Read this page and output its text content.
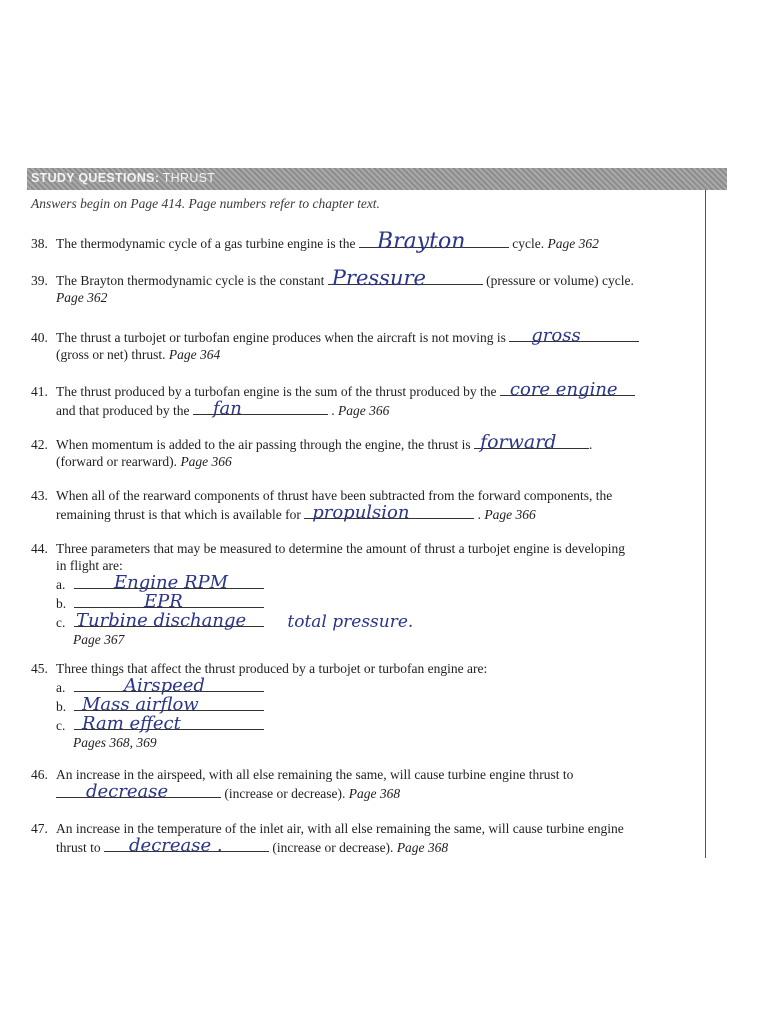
STUDY QUESTIONS: THRUST
Answers begin on Page 414. Page numbers refer to chapter text.
38. The thermodynamic cycle of a gas turbine engine is the Brayton	cycle. Page 362
39. The Brayton thermodynamic cycle is the constant Pressure	(pressure or volume) cycle.
Page 362
40. The thrust a turbojet or turbofan engine produces when the aircraft is not moving is gross
(gross or net) thrust. Page 364
41. The thrust produced by a turbofan engine is the sum of the thrust produced by the core engine
and that produced by the fan	. Page 366
42. When momentum is added to the air passing through the engine, the thrust is forward .
(forward or rearward). Page 366
43. When all of the rearward components of thrust have been subtracted from the forward components, the
remaining thrust is that which is available for propulsion	. Page 366
44. Three parameters that may be measured to determine the amount of thrust a turbojet engine is developing
in flight are:
a.	Engine RPM
b.	EPR
c. Turbine dischange total pressure.
Page 367
45. Three things that affect the thrust produced by a turbojet or turbofan engine are:
a.	Airspeed
b. Mass airflow
c. Ram effect
Pages 368, 369
46. An increase in the airspeed, with all else remaining the same, will cause turbine engine thrust to
decrease	(increase or decrease). Page 368
47. An increase in the temperature of the inlet air, with all else remaining the same, will cause turbine engine
thrust to decrease .	(increase or decrease). Page 368
